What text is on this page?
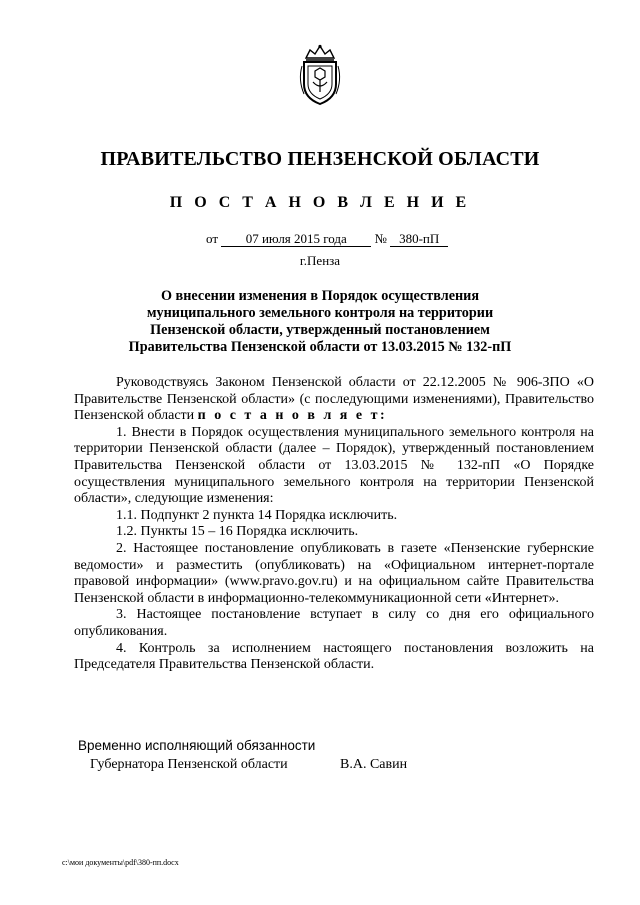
ПРАВИТЕЛЬСТВО ПЕНЗЕНСКОЙ ОБЛАСТИ
П О С Т А Н О В Л Е Н И Е
от 07 июля 2015 года № 380-пП
г.Пенза
О внесении изменения в Порядок осуществления
муниципального земельного контроля на территории
Пензенской области, утвержденный постановлением
Правительства Пензенской области от 13.03.2015 № 132-пП

Руководствуясь Законом Пензенской области от 22.12.2005 № 906-ЗПО «О Правительстве Пензенской области» (с последующими изменениями), Правительство Пензенской области п о с т а н о в л я е т:

1. Внести в Порядок осуществления муниципального земельного контроля на территории Пензенской области (далее – Порядок), утвержденный постановлением Правительства Пензенской области от 13.03.2015 № 132-пП «О Порядке осуществления муниципального земельного контроля на территории Пензенской области», следующие изменения:

1.1. Подпункт 2 пункта 14 Порядка исключить.

1.2. Пункты 15 – 16 Порядка исключить.

2. Настоящее постановление опубликовать в газете «Пензенские губернские ведомости» и разместить (опубликовать) на «Официальном интернет-портале правовой информации» (www.pravo.gov.ru) и на официальном сайте Правительства Пензенской области в информационно-телекоммуникационной сети «Интернет».

3. Настоящее постановление вступает в силу со дня его официального опубликования.

4. Контроль за исполнением настоящего постановления возложить на Председателя Правительства Пензенской области.

Временно исполняющий обязанности
Губернатора Пензенской области	В.А. Савин
c:\мои документы\pdf\380-пп.docx
